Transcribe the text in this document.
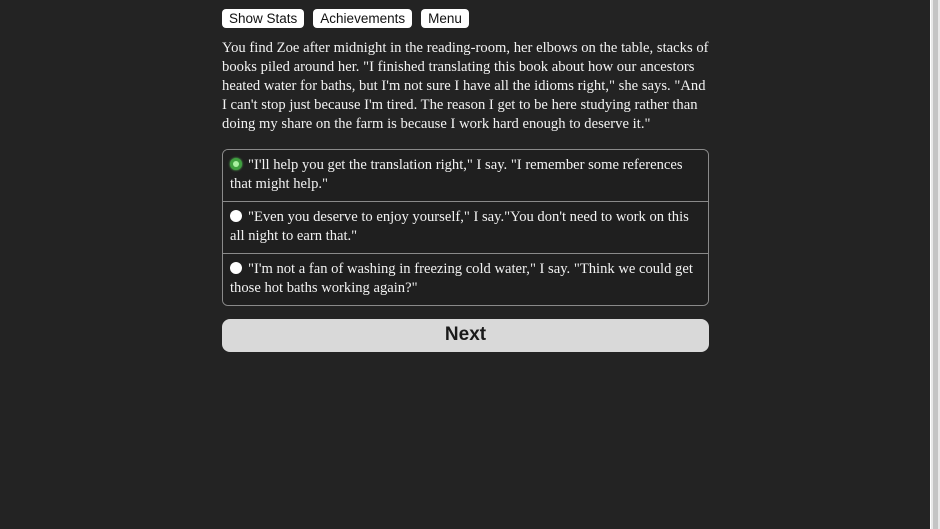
Show Stats	Achievements	Menu

You find Zoe after midnight in the reading-room, her elbows on the table, stacks of books piled around her. "I finished translating this book about how our ancestors heated water for baths, but I'm not sure I have all the idioms right," she says. "And I can't stop just because I'm tired. The reason I get to be here studying rather than doing my share on the farm is because I work hard enough to deserve it."

"I'll help you get the translation right," I say. "I remember some references that might help."
"Even you deserve to enjoy yourself," I say."You don't need to work on this all night to earn that."
"I'm not a fan of washing in freezing cold water," I say. "Think we could get those hot baths working again?"
Next
